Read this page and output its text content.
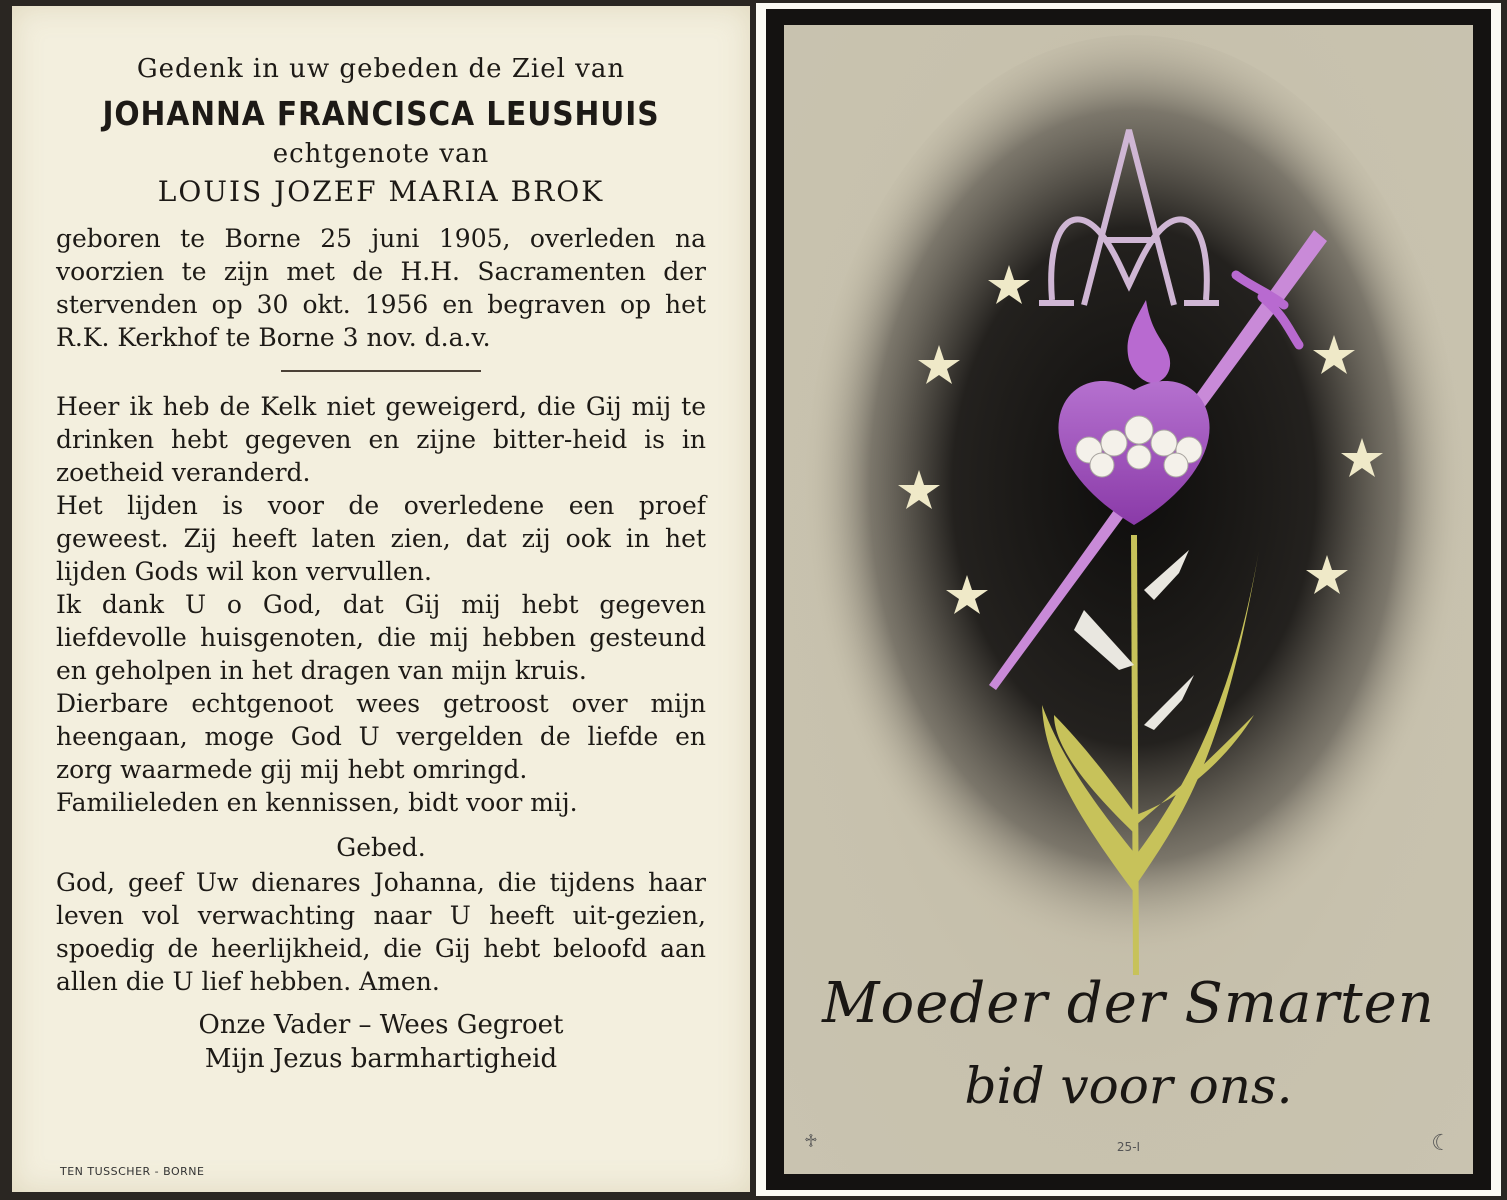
Gedenk in uw gebeden de Ziel van
JOHANNA FRANCISCA LEUSHUIS
echtgenote van
LOUIS JOZEF MARIA BROK

geboren te Borne 25 juni 1905, overleden na voorzien te zijn met de H.H. Sacramenten der stervenden op 30 okt. 1956 en begraven op het R.K. Kerkhof te Borne 3 nov. d.a.v.

Heer ik heb de Kelk niet geweigerd, die Gij mij te drinken hebt gegeven en zijne bitter-heid is in zoetheid veranderd.

Het lijden is voor de overledene een proef geweest. Zij heeft laten zien, dat zij ook in het lijden Gods wil kon vervullen.

Ik dank U o God, dat Gij mij hebt gegeven liefdevolle huisgenoten, die mij hebben gesteund en geholpen in het dragen van mijn kruis.

Dierbare echtgenoot wees getroost over mijn heengaan, moge God U vergelden de liefde en zorg waarmede gij mij hebt omringd.

Familieleden en kennissen, bidt voor mij.

Gebed.

God, geef Uw dienares Johanna, die tijdens haar leven vol verwachting naar U heeft uit-gezien, spoedig de heerlijkheid, die Gij hebt beloofd aan allen die U lief hebben. Amen.

Onze Vader – Wees Gegroet
Mijn Jezus barmhartigheid
TEN TUSSCHER - BORNE
Moeder der Smarten
bid voor ons.
♱	25-I	☾
